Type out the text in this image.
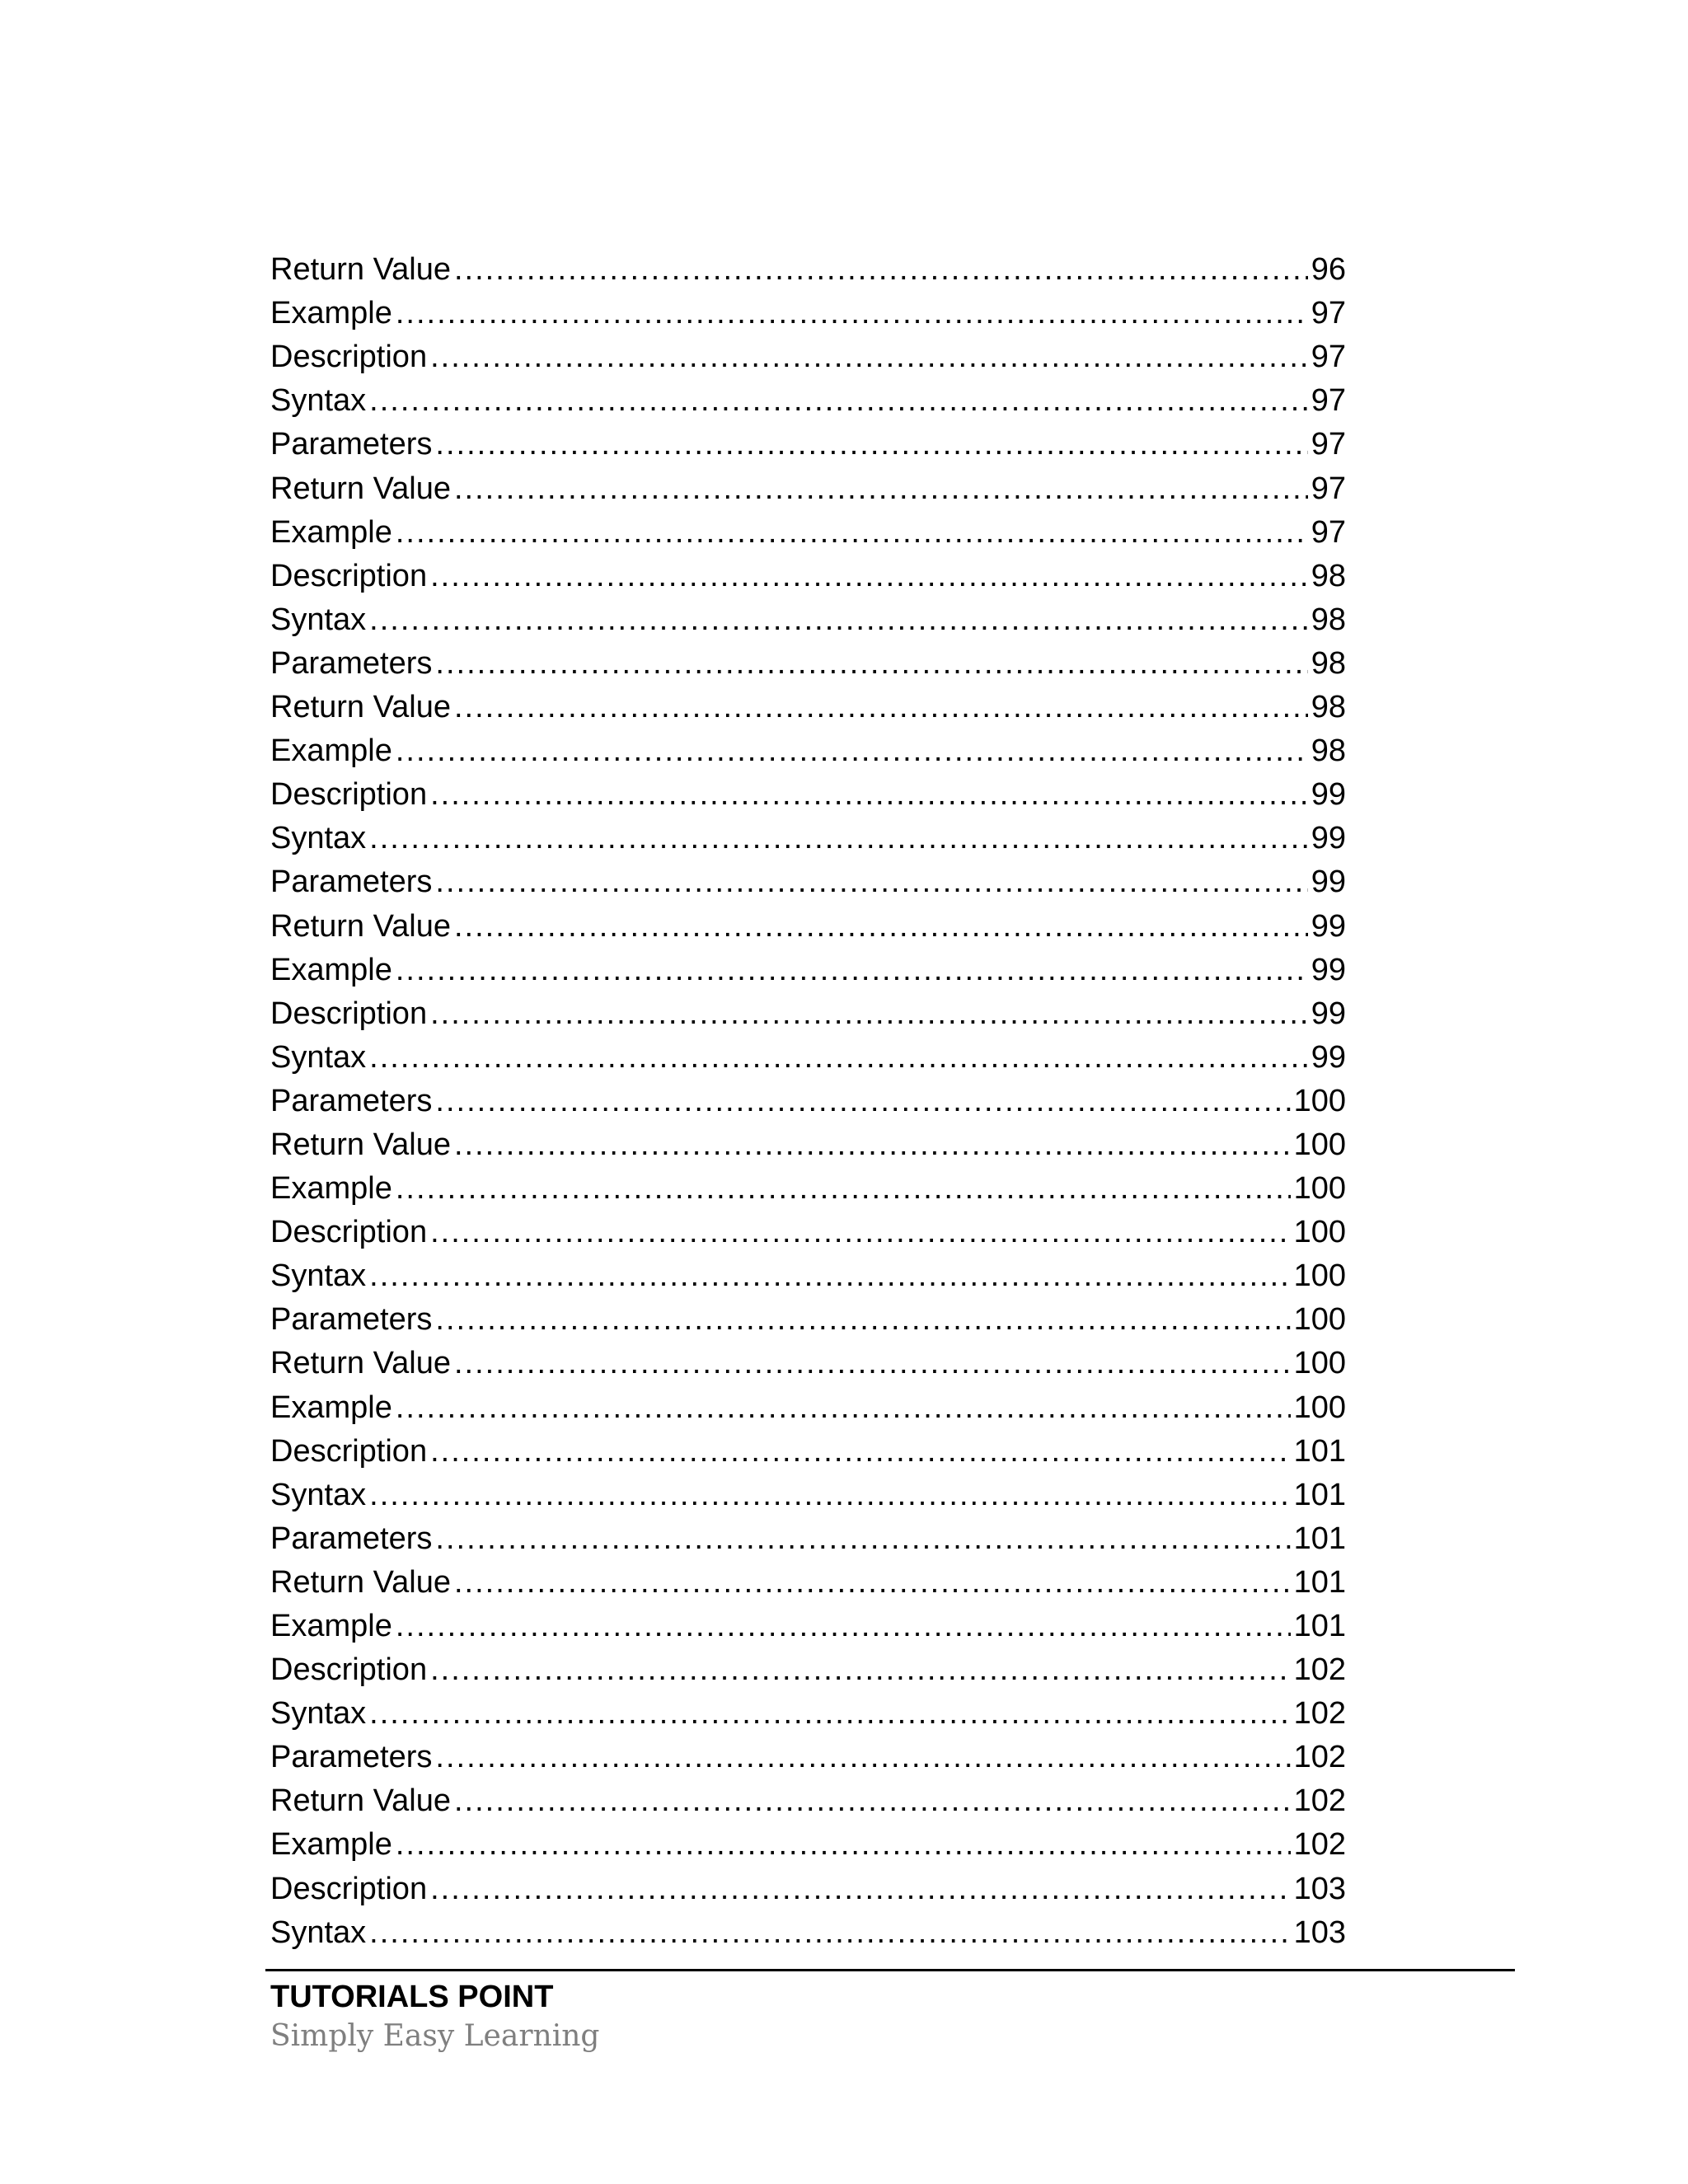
Return Value .....	96
Example .....	97
Description .....	97
Syntax .....	97
Parameters .....	97
Return Value .....	97
Example .....	97
Description .....	98
Syntax .....	98
Parameters .....	98
Return Value .....	98
Example .....	98
Description .....	99
Syntax .....	99
Parameters .....	99
Return Value .....	99
Example .....	99
Description .....	99
Syntax .....	99
Parameters .....	100
Return Value .....	100
Example .....	100
Description .....	100
Syntax .....	100
Parameters .....	100
Return Value .....	100
Example .....	100
Description .....	101
Syntax .....	101
Parameters .....	101
Return Value .....	101
Example .....	101
Description .....	102
Syntax .....	102
Parameters .....	102
Return Value .....	102
Example .....	102
Description .....	103
Syntax .....	103
TUTORIALS POINT
Simply Easy Learning
